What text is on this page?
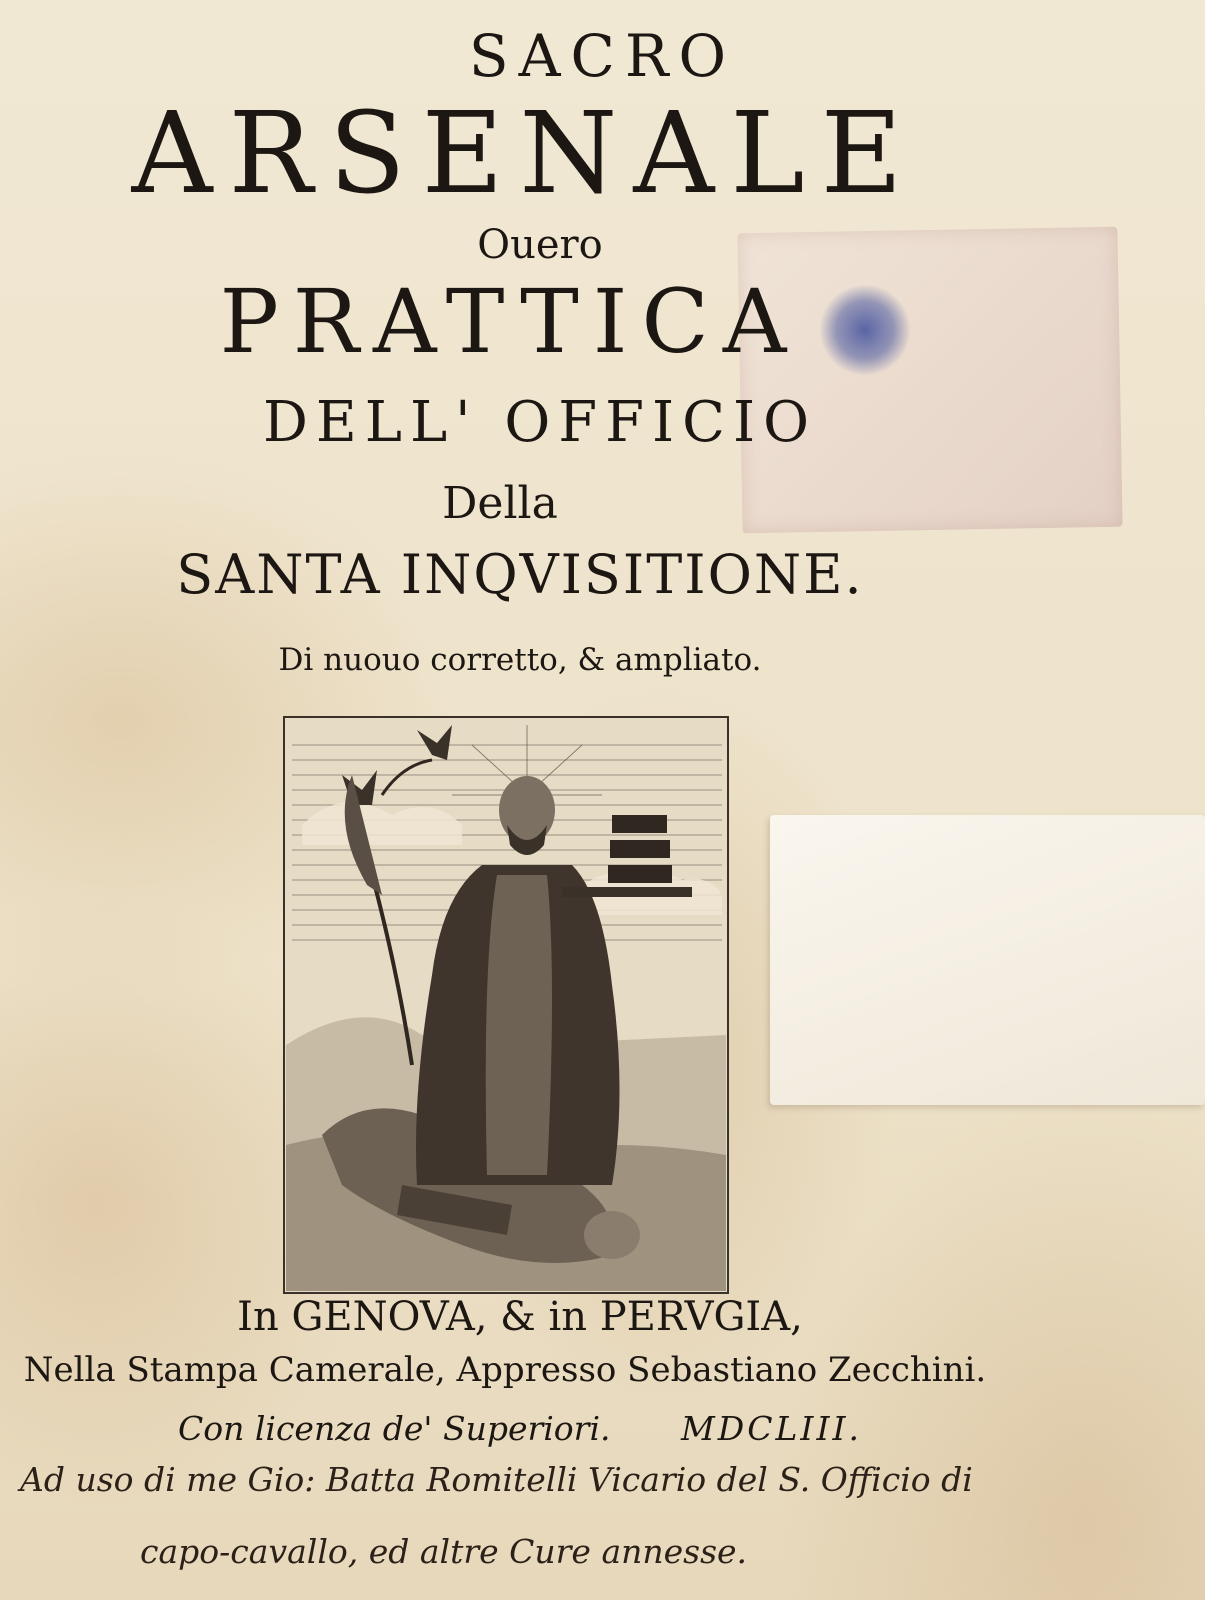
SACRO

ARSENALE

Ouero

PRATTICA

DELL' OFFICIO

Della

SANTA INQVISITIONE.

Di nuouo corretto, & ampliato.

In GENOVA, & in PERVGIA,

Nella Stampa Camerale, Appresso Sebastiano Zecchini.

Con licenza de' Superiori. MDCLIII.
Ad uso di me Gio: Batta Romitelli Vicario del S. Officio di
capo-cavallo, ed altre Cure annesse.
